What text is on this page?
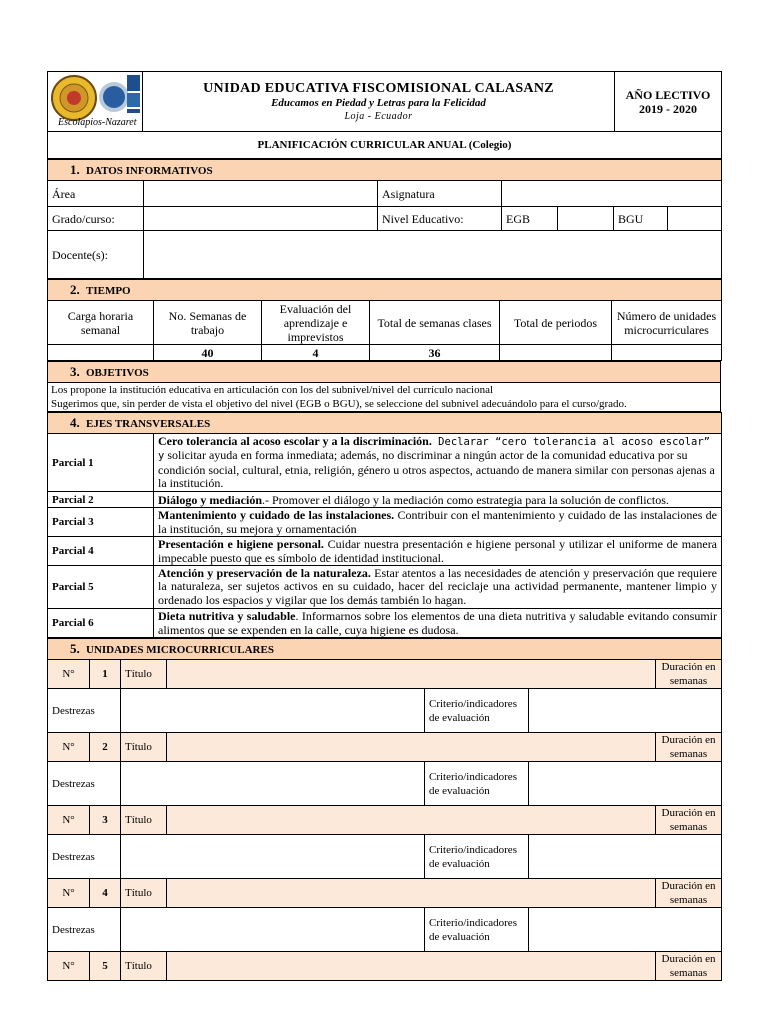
Escolapios-Nazaret

UNIDAD EDUCATIVA FISCOMISIONAL CALASANZ
Educamos en Piedad y Letras para la Felicidad
Loja - Ecuador

AÑO LECTIVO
2019 - 2020

PLANIFICACIÓN CURRICULAR ANUAL (Colegio)
1. DATOS INFORMATIVOS						
Área		Asignatura				
Grado/curso:		Nivel Educativo:	EGB		BGU	
Docente(s):						
2. TIEMPO					
Carga horaria semanal	No. Semanas de trabajo	Evaluación del aprendizaje e imprevistos	Total de semanas clases	Total de periodos	Número de unidades microcurriculares
	40	4	36		
3. OBJETIVOS

Los propone la institución educativa en articulación con los del subnivel/nivel del currículo nacional
Sugerimos que, sin perder de vista el objetivo del nivel (EGB o BGU), se seleccione del subnivel adecuándolo para el curso/grado.
4. EJES TRANSVERSALES	
Parcial 1	Cero tolerancia al acoso escolar y a la discriminación. Declarar “cero tolerancia al acoso escolar” y solicitar ayuda en forma inmediata; además, no discriminar a ningún actor de la comunidad educativa por su condición social, cultural, etnia, religión, género u otros aspectos, actuando de manera similar con personas ajenas a la institución.
Parcial 2	Diálogo y mediación.- Promover el diálogo y la mediación como estrategia para la solución de conflictos.
Parcial 3	Mantenimiento y cuidado de las instalaciones. Contribuir con el mantenimiento y cuidado de las instalaciones de la institución, su mejora y ornamentación
Parcial 4	Presentación e higiene personal. Cuidar nuestra presentación e higiene personal y utilizar el uniforme de manera impecable puesto que es símbolo de identidad institucional.
Parcial 5	Atención y preservación de la naturaleza. Estar atentos a las necesidades de atención y preservación que requiere la naturaleza, ser sujetos activos en su cuidado, hacer del reciclaje una actividad permanente, mantener limpio y ordenado los espacios y vigilar que los demás también lo hagan.
Parcial 6	Dieta nutritiva y saludable. Informarnos sobre los elementos de una dieta nutritiva y saludable evitando consumir alimentos que se expenden en la calle, cuya higiene es dudosa.
5. UNIDADES MICROCURRICULARES						
N°	1	Título				Duración en semanas
Destrezas				Criterio/indicadores de evaluación		
N°	2	Título				Duración en semanas
Destrezas				Criterio/indicadores de evaluación		
N°	3	Título				Duración en semanas
Destrezas				Criterio/indicadores de evaluación		
N°	4	Título				Duración en semanas
Destrezas				Criterio/indicadores de evaluación		
N°	5	Título				Duración en semanas
